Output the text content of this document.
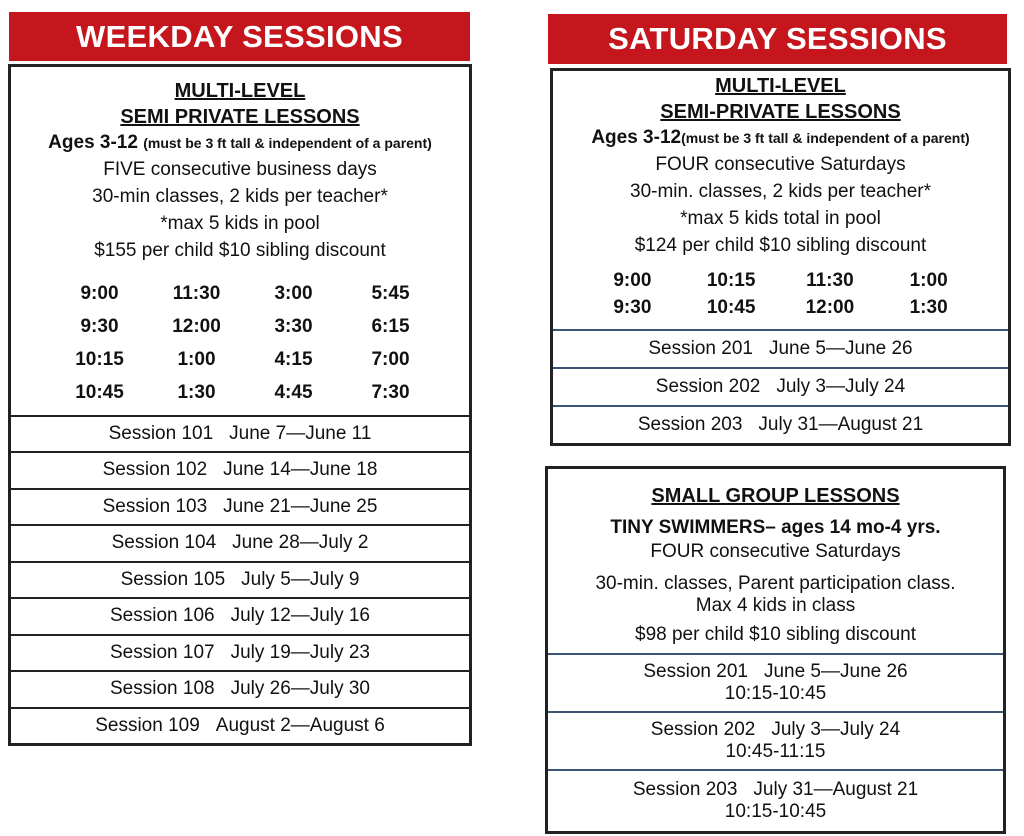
WEEKDAY SESSIONS
MULTI-LEVEL
SEMI PRIVATE LESSONS
Ages 3-12 (must be 3 ft tall & independent of a parent)
FIVE consecutive business days
30-min classes, 2 kids per teacher*
*max 5 kids in pool
$155 per child $10 sibling discount
9:00	11:30	3:00	5:45
9:30	12:00	3:30	6:15
10:15	1:00	4:15	7:00
10:45	1:30	4:45	7:30
Session 101 June 7—June 11
Session 102 June 14—June 18
Session 103 June 21—June 25
Session 104 June 28—July 2
Session 105 July 5—July 9
Session 106 July 12—July 16
Session 107 July 19—July 23
Session 108 July 26—July 30
Session 109 August 2—August 6
SATURDAY SESSIONS
MULTI-LEVEL
SEMI-PRIVATE LESSONS
Ages 3-12(must be 3 ft tall & independent of a parent)
FOUR consecutive Saturdays
30-min. classes, 2 kids per teacher*
*max 5 kids total in pool
$124 per child $10 sibling discount
9:00	10:15	11:30	1:00
9:30	10:45	12:00	1:30
Session 201 June 5—June 26
Session 202 July 3—July 24
Session 203 July 31—August 21
SMALL GROUP LESSONS
TINY SWIMMERS– ages 14 mo-4 yrs.
FOUR consecutive Saturdays
30-min. classes, Parent participation class.
Max 4 kids in class
$98 per child $10 sibling discount
Session 201 June 5—June 26
10:15-10:45
Session 202 July 3—July 24
10:45-11:15
Session 203 July 31—August 21
10:15-10:45
